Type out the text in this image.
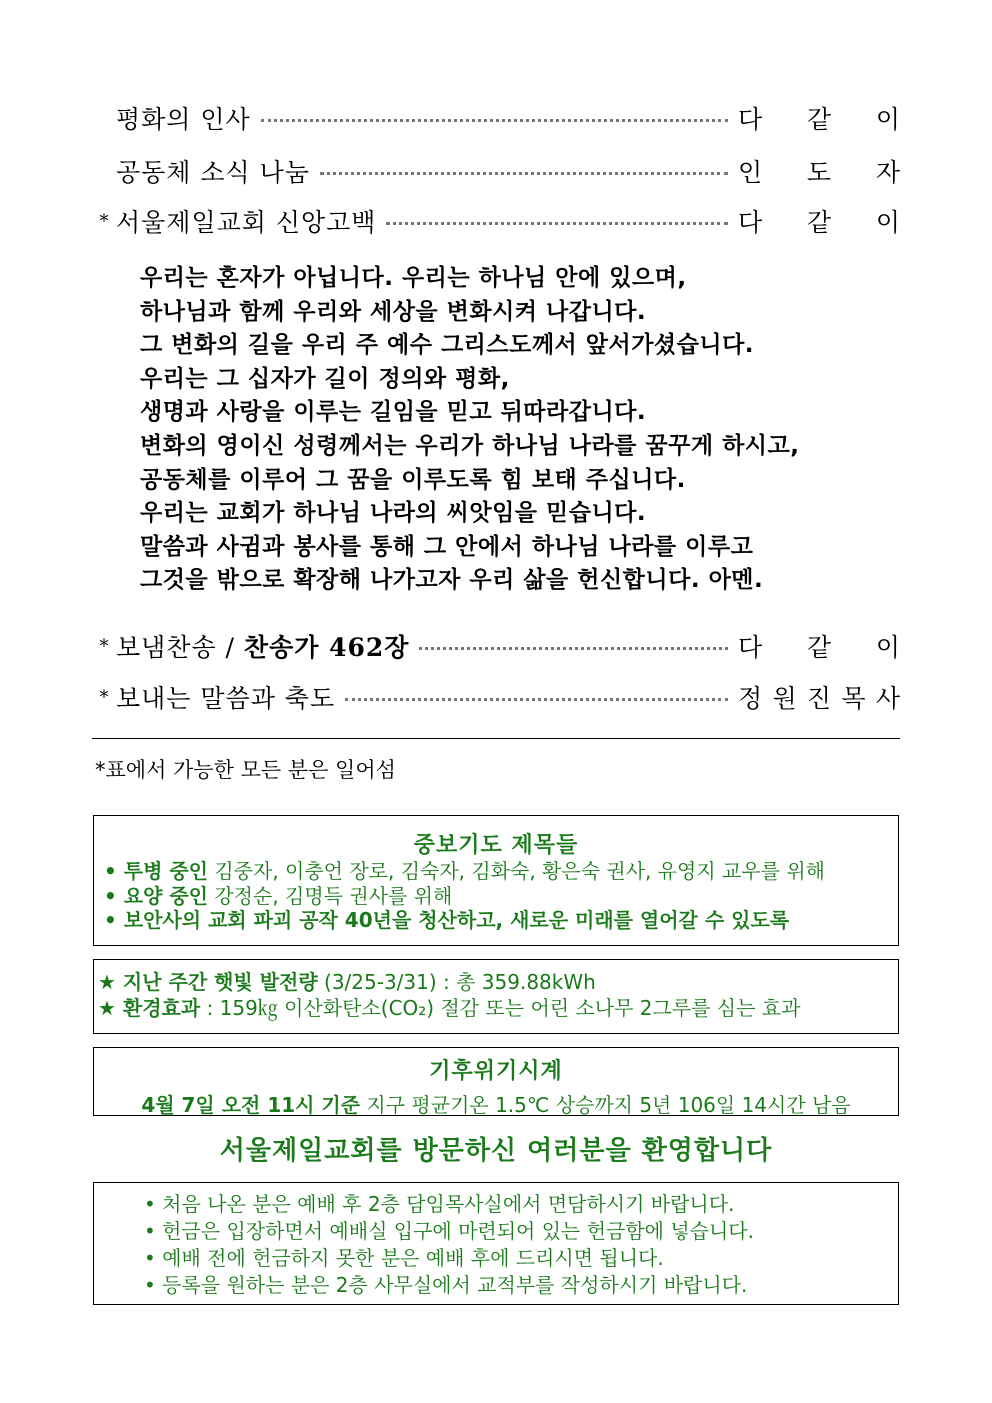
평화의 인사	다 같 이
공동체 소식 나눔	인 도 자
* 서울제일교회 신앙고백	다 같 이
우리는 혼자가 아닙니다. 우리는 하나님 안에 있으며,
하나님과 함께 우리와 세상을 변화시켜 나갑니다.
그 변화의 길을 우리 주 예수 그리스도께서 앞서가셨습니다.
우리는 그 십자가 길이 정의와 평화,
생명과 사랑을 이루는 길임을 믿고 뒤따라갑니다.
변화의 영이신 성령께서는 우리가 하나님 나라를 꿈꾸게 하시고,
공동체를 이루어 그 꿈을 이루도록 힘 보태 주십니다.
우리는 교회가 하나님 나라의 씨앗임을 믿습니다.
말씀과 사귐과 봉사를 통해 그 안에서 하나님 나라를 이루고
그것을 밖으로 확장해 나가고자 우리 삶을 헌신합니다. 아멘.
* 보냄찬송 / 찬송가 462장	다 같 이
* 보내는 말씀과 축도	정 원 진 목 사
*표에서 가능한 모든 분은 일어섬
중보기도 제목들
• 투병 중인 김중자, 이충언 장로, 김숙자, 김화숙, 황은숙 권사, 유영지 교우를 위해
• 요양 중인 강정순, 김명득 권사를 위해
• 보안사의 교회 파괴 공작 40년을 청산하고, 새로운 미래를 열어갈 수 있도록
★ 지난 주간 햇빛 발전량 (3/25-3/31) : 총 359.88kWh
★ 환경효과 : 159㎏ 이산화탄소(CO₂) 절감 또는 어린 소나무 2그루를 심는 효과
기후위기시계
4월 7일 오전 11시 기준 지구 평균기온 1.5℃ 상승까지 5년 106일 14시간 남음
서울제일교회를 방문하신 여러분을 환영합니다
• 처음 나온 분은 예배 후 2층 담임목사실에서 면담하시기 바랍니다.
• 헌금은 입장하면서 예배실 입구에 마련되어 있는 헌금함에 넣습니다.
• 예배 전에 헌금하지 못한 분은 예배 후에 드리시면 됩니다.
• 등록을 원하는 분은 2층 사무실에서 교적부를 작성하시기 바랍니다.
